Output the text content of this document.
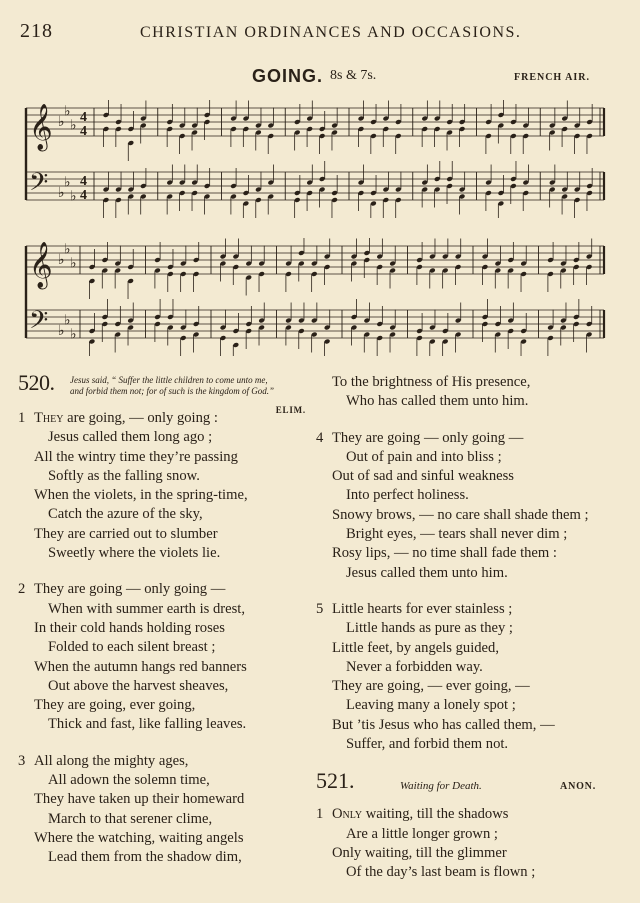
218	CHRISTIAN ORDINANCES AND OCCASIONS.
GOING. 8s & 7s.	FRENCH AIR.
𝄞
𝄢
♭
♭
♭
♭
♭
♭
4
4
4
4
𝄞
𝄢
♭
♭
♭
♭
♭
♭
520. Jesus said, “ Suffer the little children to come unto me,
and forbid them not; for of such is the kingdom of God.”
ELIM.
1 They are going, — only going :
Jesus called them long ago ;
All the wintry time they’re passing
Softly as the falling snow.
When the violets, in the spring-time,
Catch the azure of the sky,
They are carried out to slumber
Sweetly where the violets lie.
2 They are going — only going —
When with summer earth is drest,
In their cold hands holding roses
Folded to each silent breast ;
When the autumn hangs red banners
Out above the harvest sheaves,
They are going, ever going,
Thick and fast, like falling leaves.
3 All along the mighty ages,
All adown the solemn time,
They have taken up their homeward
March to that serener clime,
Where the watching, waiting angels
Lead them from the shadow dim,
To the brightness of His presence,
Who has called them unto him.
4 They are going — only going —
Out of pain and into bliss ;
Out of sad and sinful weakness
Into perfect holiness.
Snowy brows, — no care shall shade them ;
Bright eyes, — tears shall never dim ;
Rosy lips, — no time shall fade them :
Jesus called them unto him.
5 Little hearts for ever stainless ;
Little hands as pure as they ;
Little feet, by angels guided,
Never a forbidden way.
They are going, — ever going, —
Leaving many a lonely spot ;
But ’tis Jesus who has called them, —
Suffer, and forbid them not.
521.	Waiting for Death.	ANON.
1 Only waiting, till the shadows
Are a little longer grown ;
Only waiting, till the glimmer
Of the day’s last beam is flown ;
